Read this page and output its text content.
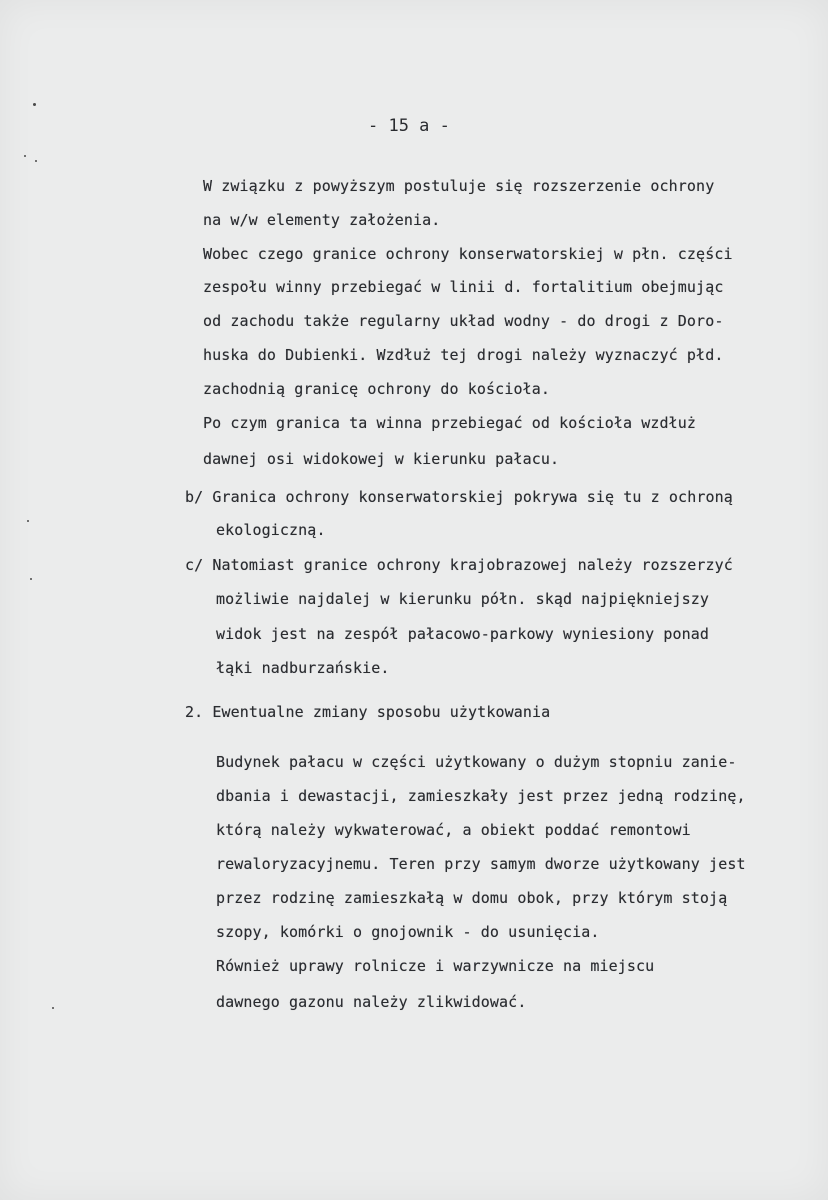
- 15 a -
W związku z powyższym postuluje się rozszerzenie ochrony
na w/w elementy założenia.
Wobec czego granice ochrony konserwatorskiej w płn. części
zespołu winny przebiegać w linii d. fortalitium obejmując
od zachodu także regularny układ wodny - do drogi z Doro-
huska do Dubienki. Wzdłuż tej drogi należy wyznaczyć płd.
zachodnią granicę ochrony do kościoła.
Po czym granica ta winna przebiegać od kościoła wzdłuż
dawnej osi widokowej w kierunku pałacu.
b/ Granica ochrony konserwatorskiej pokrywa się tu z ochroną
ekologiczną.
c/ Natomiast granice ochrony krajobrazowej należy rozszerzyć
możliwie najdalej w kierunku półn. skąd najpiękniejszy
widok jest na zespół pałacowo-parkowy wyniesiony ponad
łąki nadburzańskie.
2. Ewentualne zmiany sposobu użytkowania
Budynek pałacu w części użytkowany o dużym stopniu zanie-
dbania i dewastacji, zamieszkały jest przez jedną rodzinę,
którą należy wykwaterować, a obiekt poddać remontowi
rewaloryzacyjnemu. Teren przy samym dworze użytkowany jest
przez rodzinę zamieszkałą w domu obok, przy którym stoją
szopy, komórki o gnojownik - do usunięcia.
Również uprawy rolnicze i warzywnicze na miejscu
dawnego gazonu należy zlikwidować.
